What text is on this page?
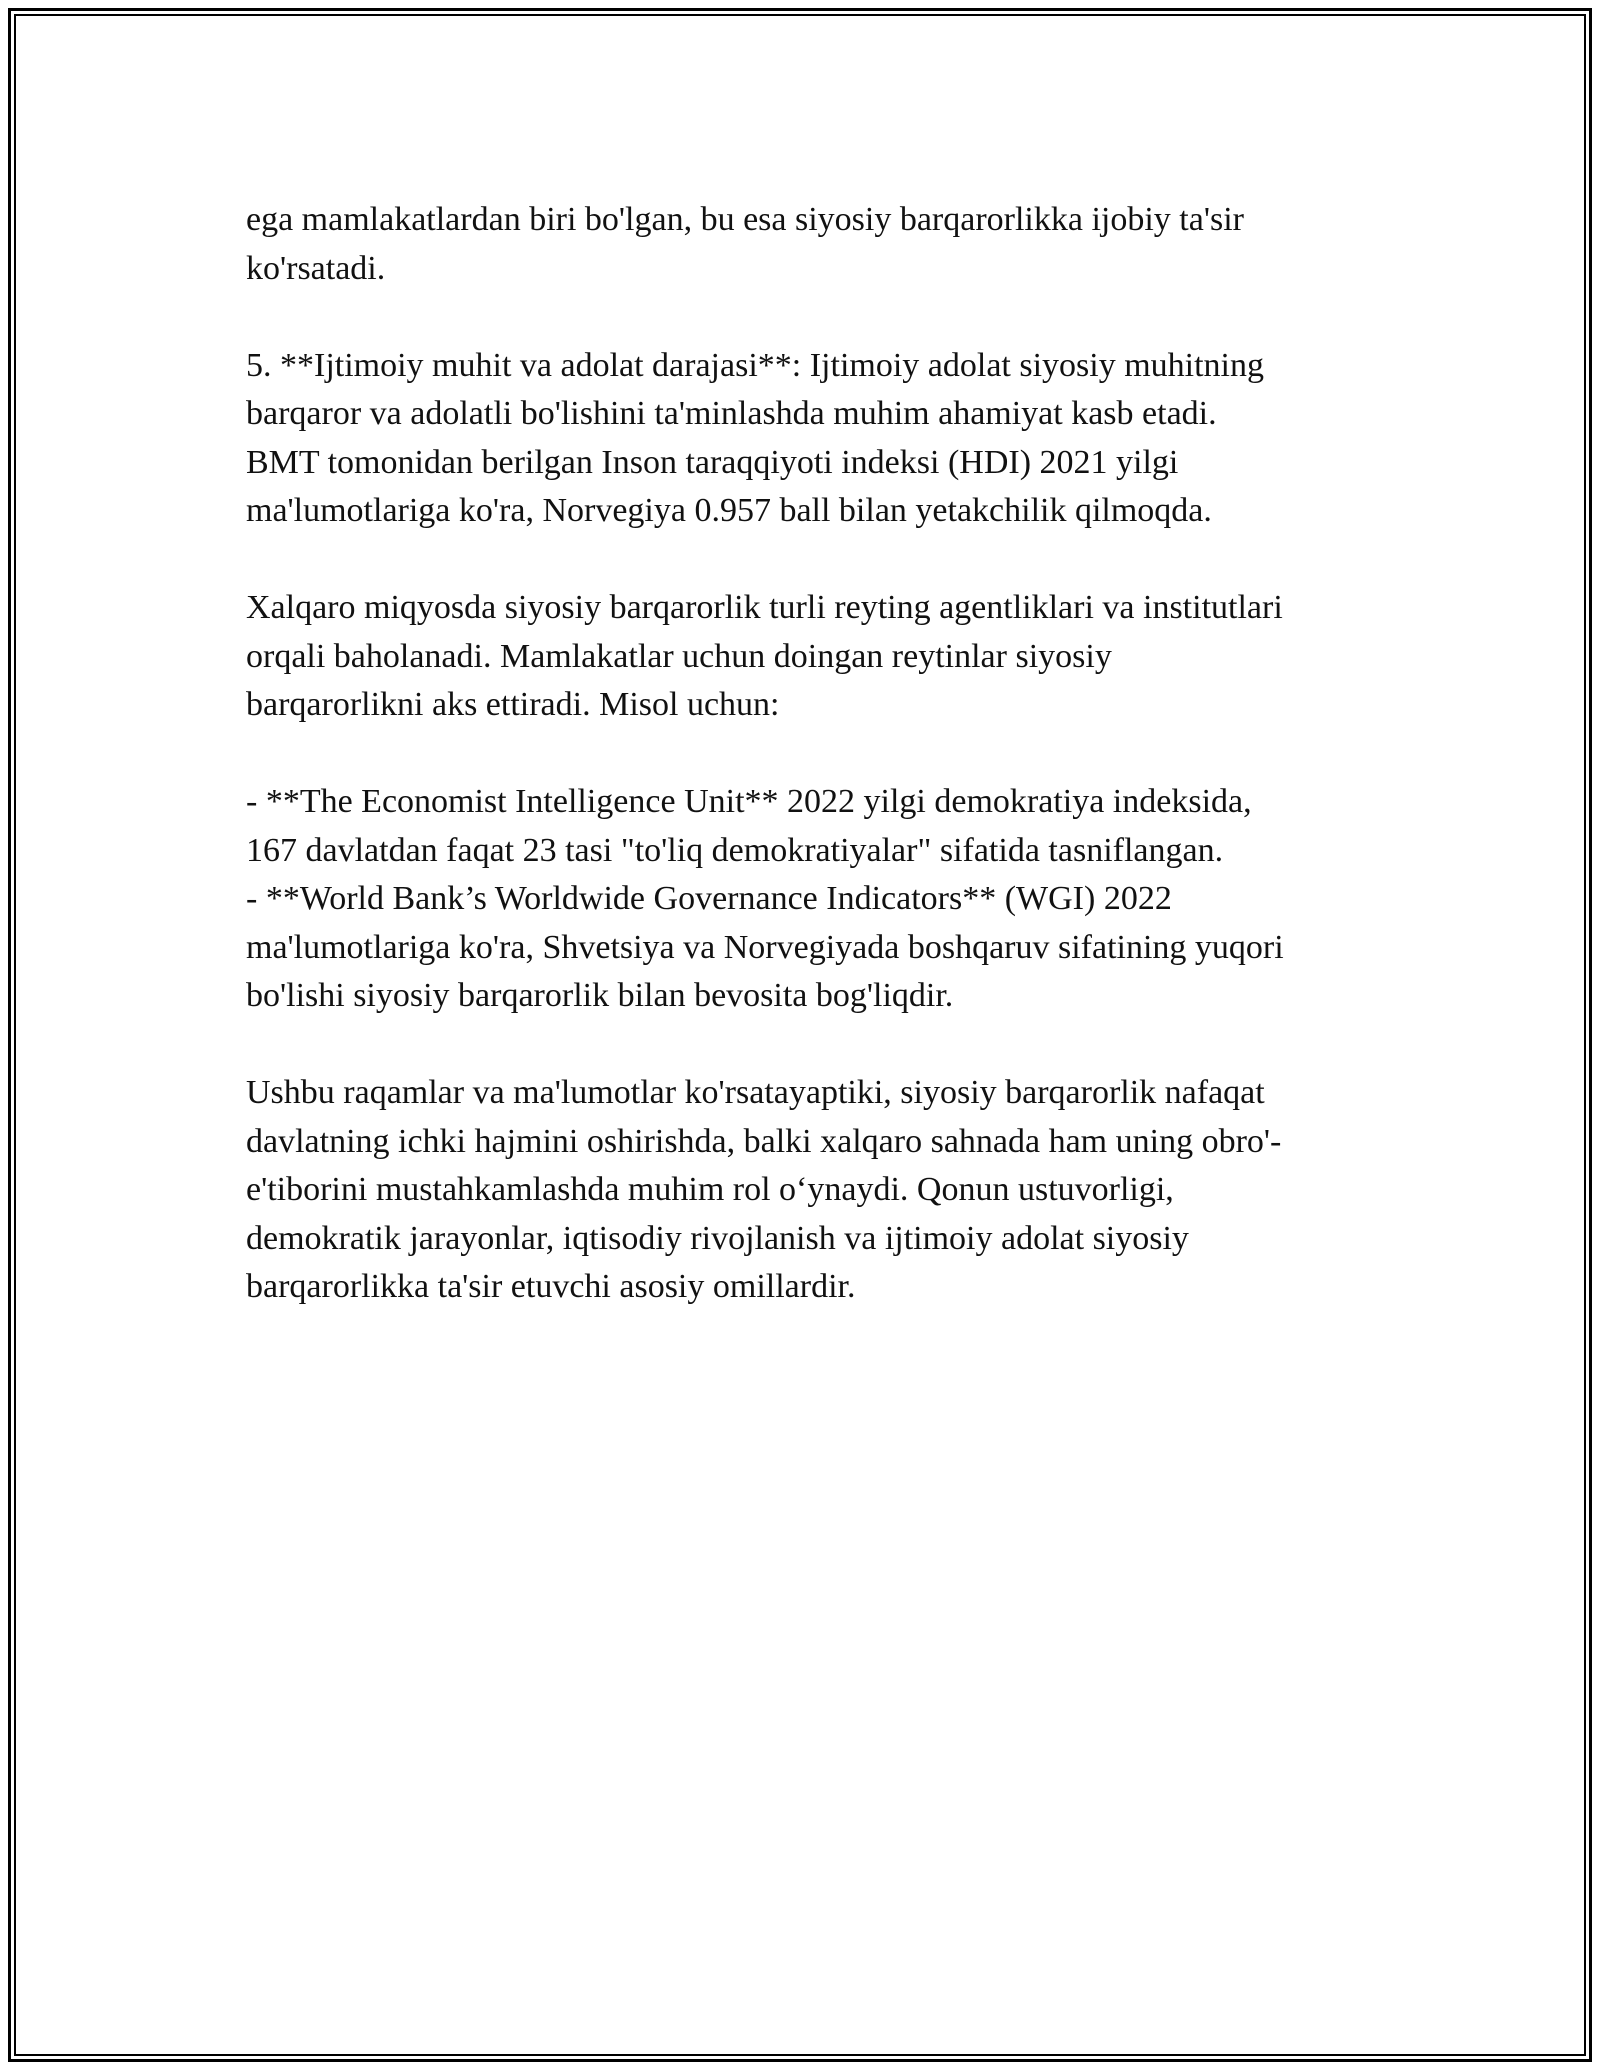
ega mamlakatlardan biri bo'lgan, bu esa siyosiy barqarorlikka ijobiy ta'sir
ko'rsatadi.
5. **Ijtimoiy muhit va adolat darajasi**: Ijtimoiy adolat siyosiy muhitning
barqaror va adolatli bo'lishini ta'minlashda muhim ahamiyat kasb etadi.
BMT tomonidan berilgan Inson taraqqiyoti indeksi (HDI) 2021 yilgi
ma'lumotlariga ko'ra, Norvegiya 0.957 ball bilan yetakchilik qilmoqda.
Xalqaro miqyosda siyosiy barqarorlik turli reyting agentliklari va institutlari
orqali baholanadi. Mamlakatlar uchun doingan reytinlar siyosiy
barqarorlikni aks ettiradi. Misol uchun:
- **The Economist Intelligence Unit** 2022 yilgi demokratiya indeksida,
167 davlatdan faqat 23 tasi "to'liq demokratiyalar" sifatida tasniflangan.
- **World Bank’s Worldwide Governance Indicators** (WGI) 2022
ma'lumotlariga ko'ra, Shvetsiya va Norvegiyada boshqaruv sifatining yuqori
bo'lishi siyosiy barqarorlik bilan bevosita bog'liqdir.
Ushbu raqamlar va ma'lumotlar ko'rsatayaptiki, siyosiy barqarorlik nafaqat
davlatning ichki hajmini oshirishda, balki xalqaro sahnada ham uning obro'-
e'tiborini mustahkamlashda muhim rol o‘ynaydi. Qonun ustuvorligi,
demokratik jarayonlar, iqtisodiy rivojlanish va ijtimoiy adolat siyosiy
barqarorlikka ta'sir etuvchi asosiy omillardir.
